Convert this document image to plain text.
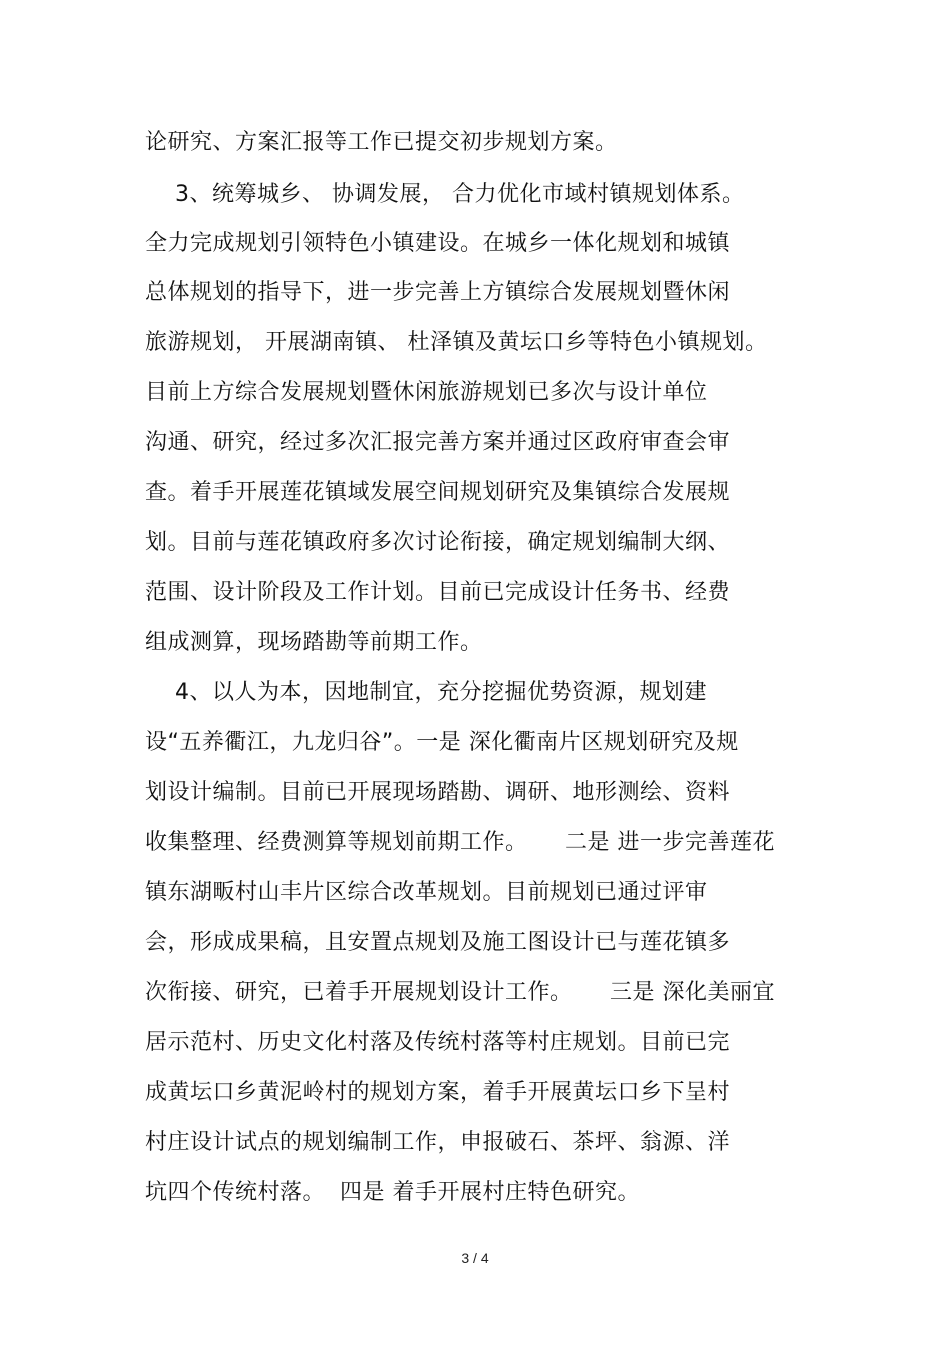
论研究、方案汇报等工作已提交初步规划方案。
3、统筹城乡、 协调发展， 合力优化市域村镇规划体系。
全力完成规划引领特色小镇建设。在城乡一体化规划和城镇
总体规划的指导下，进一步完善上方镇综合发展规划暨休闲
旅游规划， 开展湖南镇、 杜泽镇及黄坛口乡等特色小镇规划。
目前上方综合发展规划暨休闲旅游规划已多次与设计单位
沟通、研究，经过多次汇报完善方案并通过区政府审查会审
查。着手开展莲花镇域发展空间规划研究及集镇综合发展规
划。目前与莲花镇政府多次讨论衔接，确定规划编制大纲、
范围、设计阶段及工作计划。目前已完成设计任务书、经费
组成测算，现场踏勘等前期工作。
4、以人为本，因地制宜，充分挖掘优势资源，规划建
设“五养衢江，九龙归谷”。一是 深化衢南片区规划研究及规
划设计编制。目前已开展现场踏勘、调研、地形测绘、资料
收集整理、经费测算等规划前期工作。     二是 进一步完善莲花
镇东湖畈村山丰片区综合改革规划。目前规划已通过评审
会，形成成果稿，且安置点规划及施工图设计已与莲花镇多
次衔接、研究，已着手开展规划设计工作。     三是 深化美丽宜
居示范村、历史文化村落及传统村落等村庄规划。目前已完
成黄坛口乡黄泥岭村的规划方案，着手开展黄坛口乡下呈村
村庄设计试点的规划编制工作，申报破石、茶坪、翁源、洋
坑四个传统村落。  四是 着手开展村庄特色研究。
3 / 4
